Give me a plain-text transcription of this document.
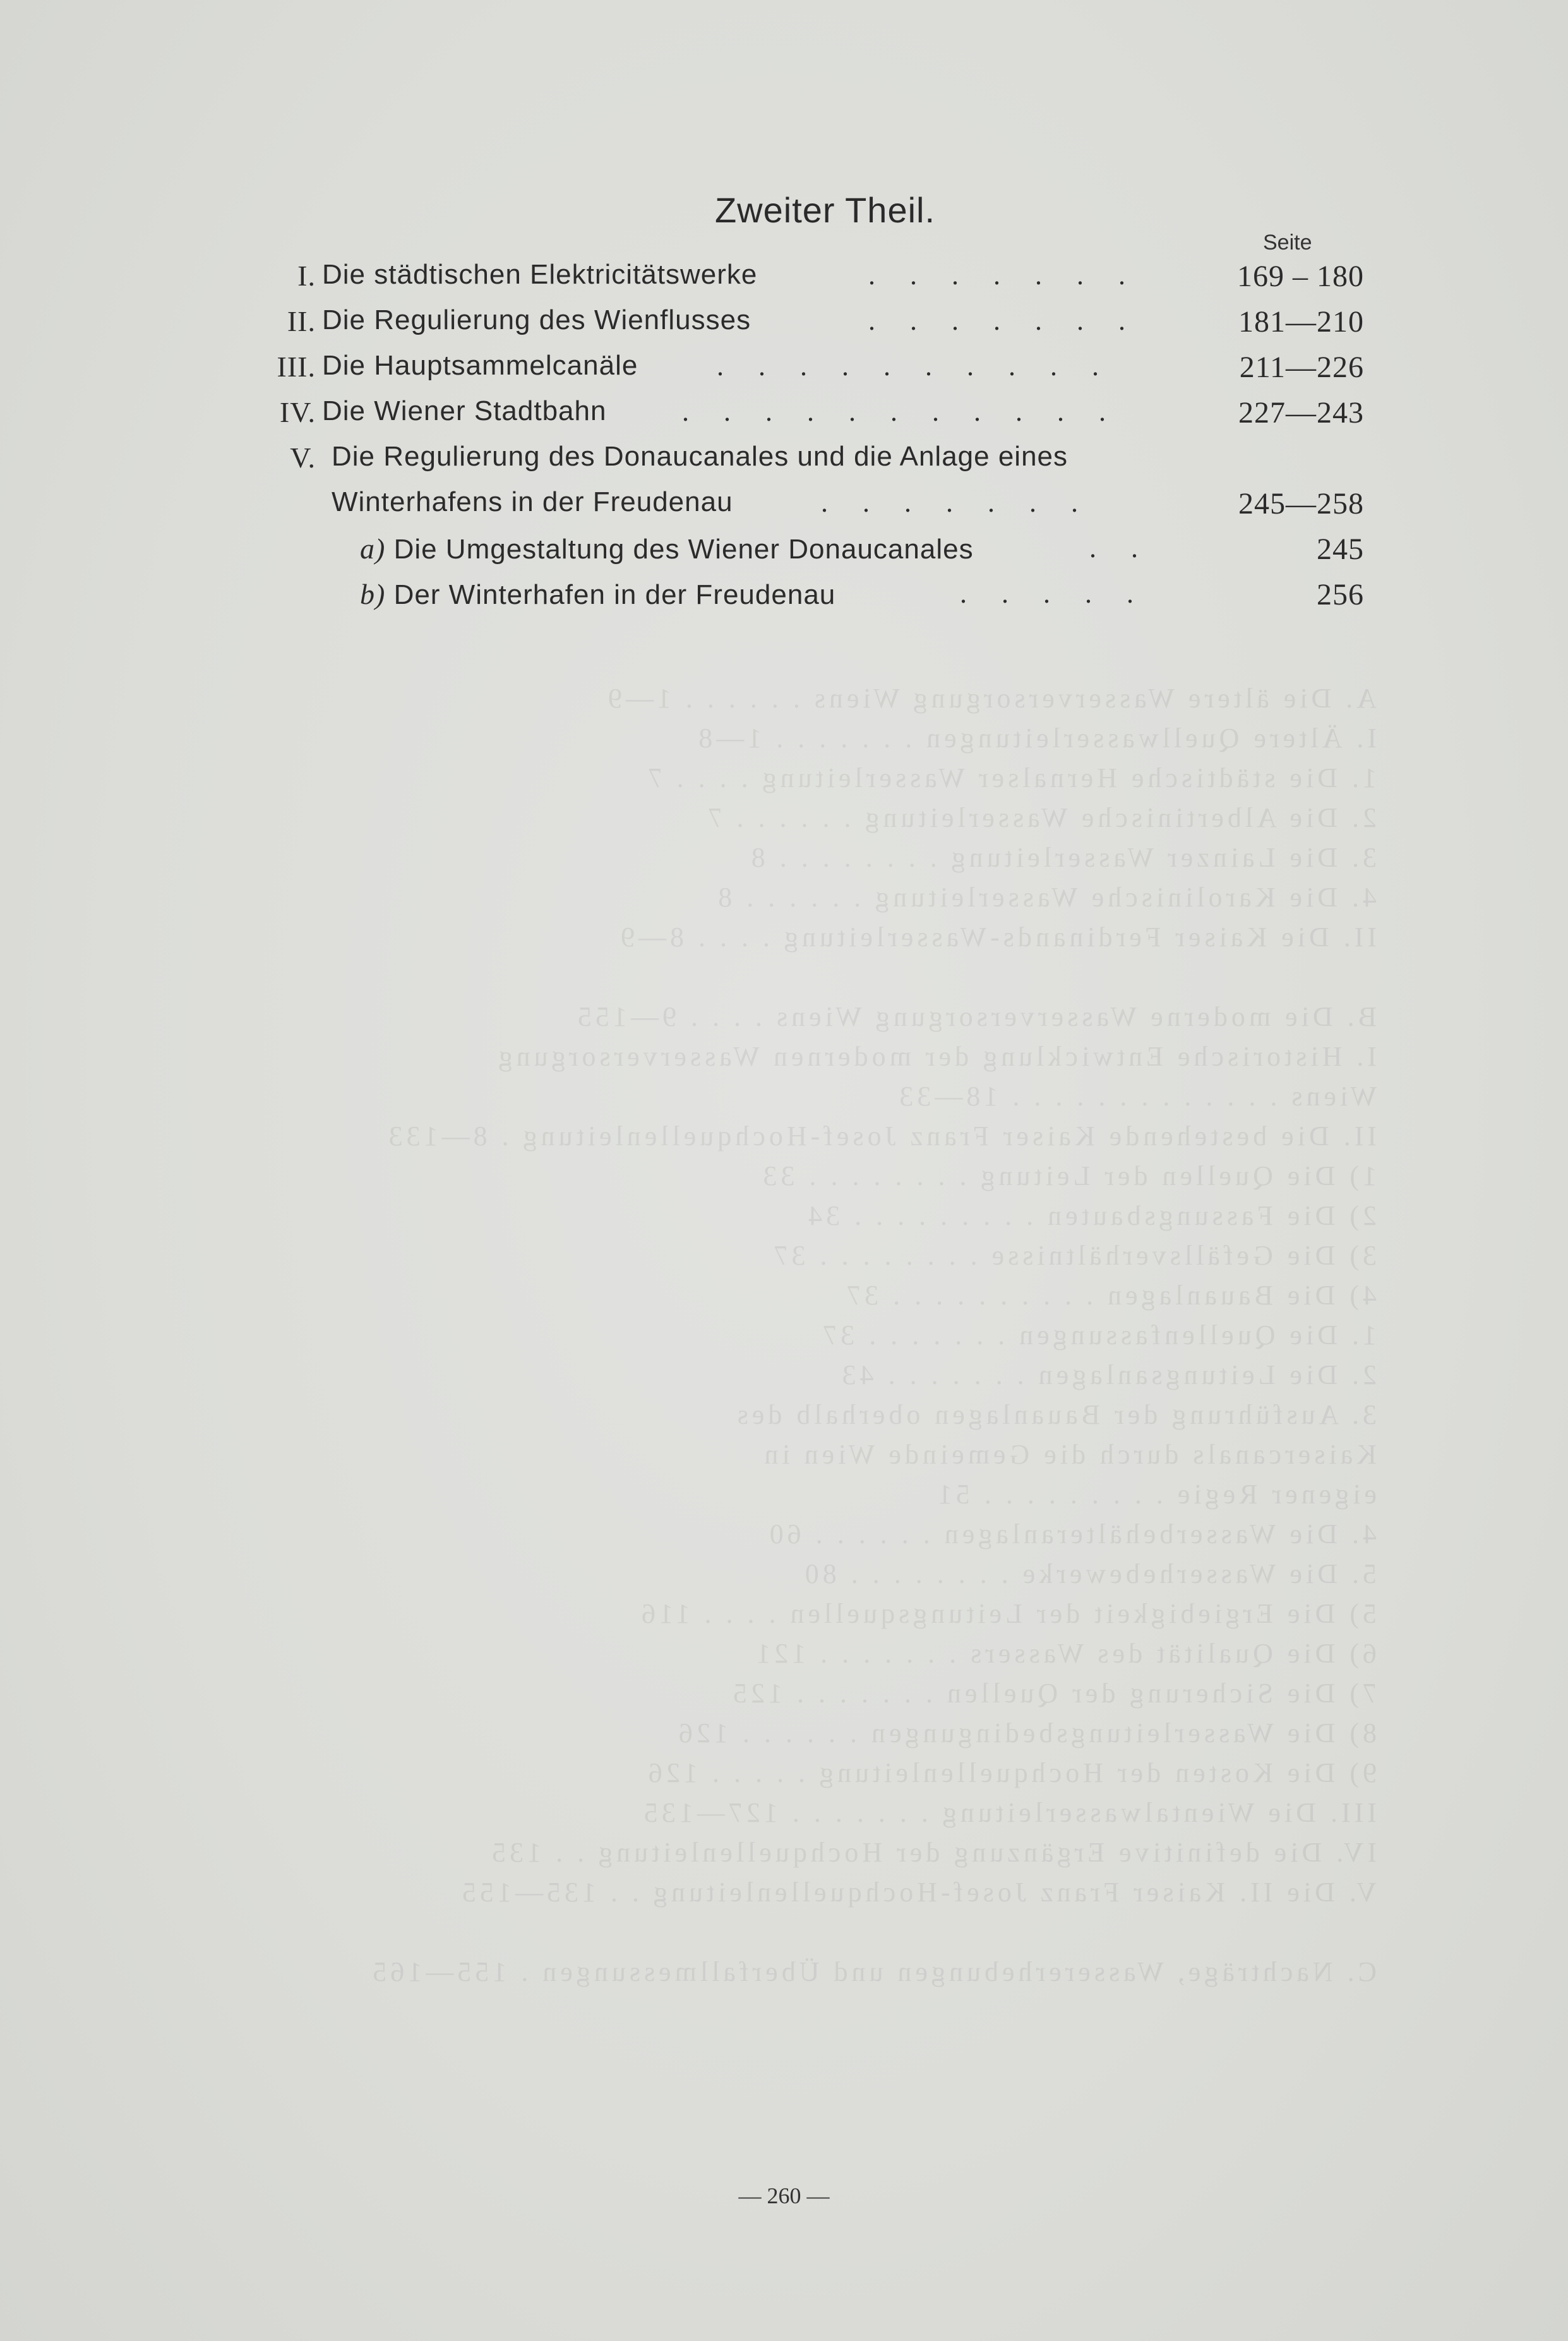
A. Die ältere Wasserversorgung Wiens . . . . . . 1—9
I. Ältere Quellwasserleitungen . . . . . . . 1—8
1. Die städtische Hernalser Wasserleitung . . . . 7
2. Die Albertinische Wasserleitung . . . . . . 7
3. Die Lainzer Wasserleitung . . . . . . . . 8
4. Die Karolinische Wasserleitung . . . . . . 8
II. Die Kaiser Ferdinands-Wasserleitung . . . . 8—9
B. Die moderne Wasserversorgung Wiens . . . . 9—155
I. Historische Entwicklung der modernen Wasserversorgung
Wiens . . . . . . . . . . . . . 18—33
II. Die bestehende Kaiser Franz Josef-Hochquellenleitung . 8—133
1) Die Quellen der Leitung . . . . . . . . 33
2) Die Fassungsbauten . . . . . . . . . 34
3) Die Gefällsverhältnisse . . . . . . . . 37
4) Die Bauanlagen . . . . . . . . . . 37
1. Die Quellenfassungen . . . . . . . 37
2. Die Leitungsanlagen . . . . . . . 43
3. Ausführung der Bauanlagen oberhalb des
Kaisercanals durch die Gemeinde Wien in
eigener Regie . . . . . . . . . 51
4. Die Wasserbehälteranlagen . . . . . . 60
5. Die Wasserhebewerke . . . . . . . . 80
5) Die Ergiebigkeit der Leitungsquellen . . . . 116
6) Die Qualität des Wassers . . . . . . . 121
7) Die Sicherung der Quellen . . . . . . . 125
8) Die Wasserleitungsbedingungen . . . . . . 126
9) Die Kosten der Hochquellenleitung . . . . . 126
III. Die Wientalwasserleitung . . . . . . . 127—135
IV. Die definitive Ergänzung der Hochquellenleitung . . 135
V. Die II. Kaiser Franz Josef-Hochquellenleitung . . 135—155
C. Nachträge, Wassererhebungen und Überfallmessungen . 155—165
Zweiter Theil.
Seite
I. Die städtischen Elektricitätswerke	. . . . . . .	169 – 180
II. Die Regulierung des Wienflusses	. . . . . . .	181—210
III. Die Hauptsammelcanäle	. . . . . . . . . .	211—226
IV. Die Wiener Stadtbahn	. . . . . . . . . . .	227—243
V. Die Regulierung des Donaucanales und die Anlage eines
Winterhafens in der Freudenau	. . . . . . .	245—258
a) Die Umgestaltung des Wiener Donaucanales	. .	245
b) Der Winterhafen in der Freudenau	. . . . .	256
— 260 —
